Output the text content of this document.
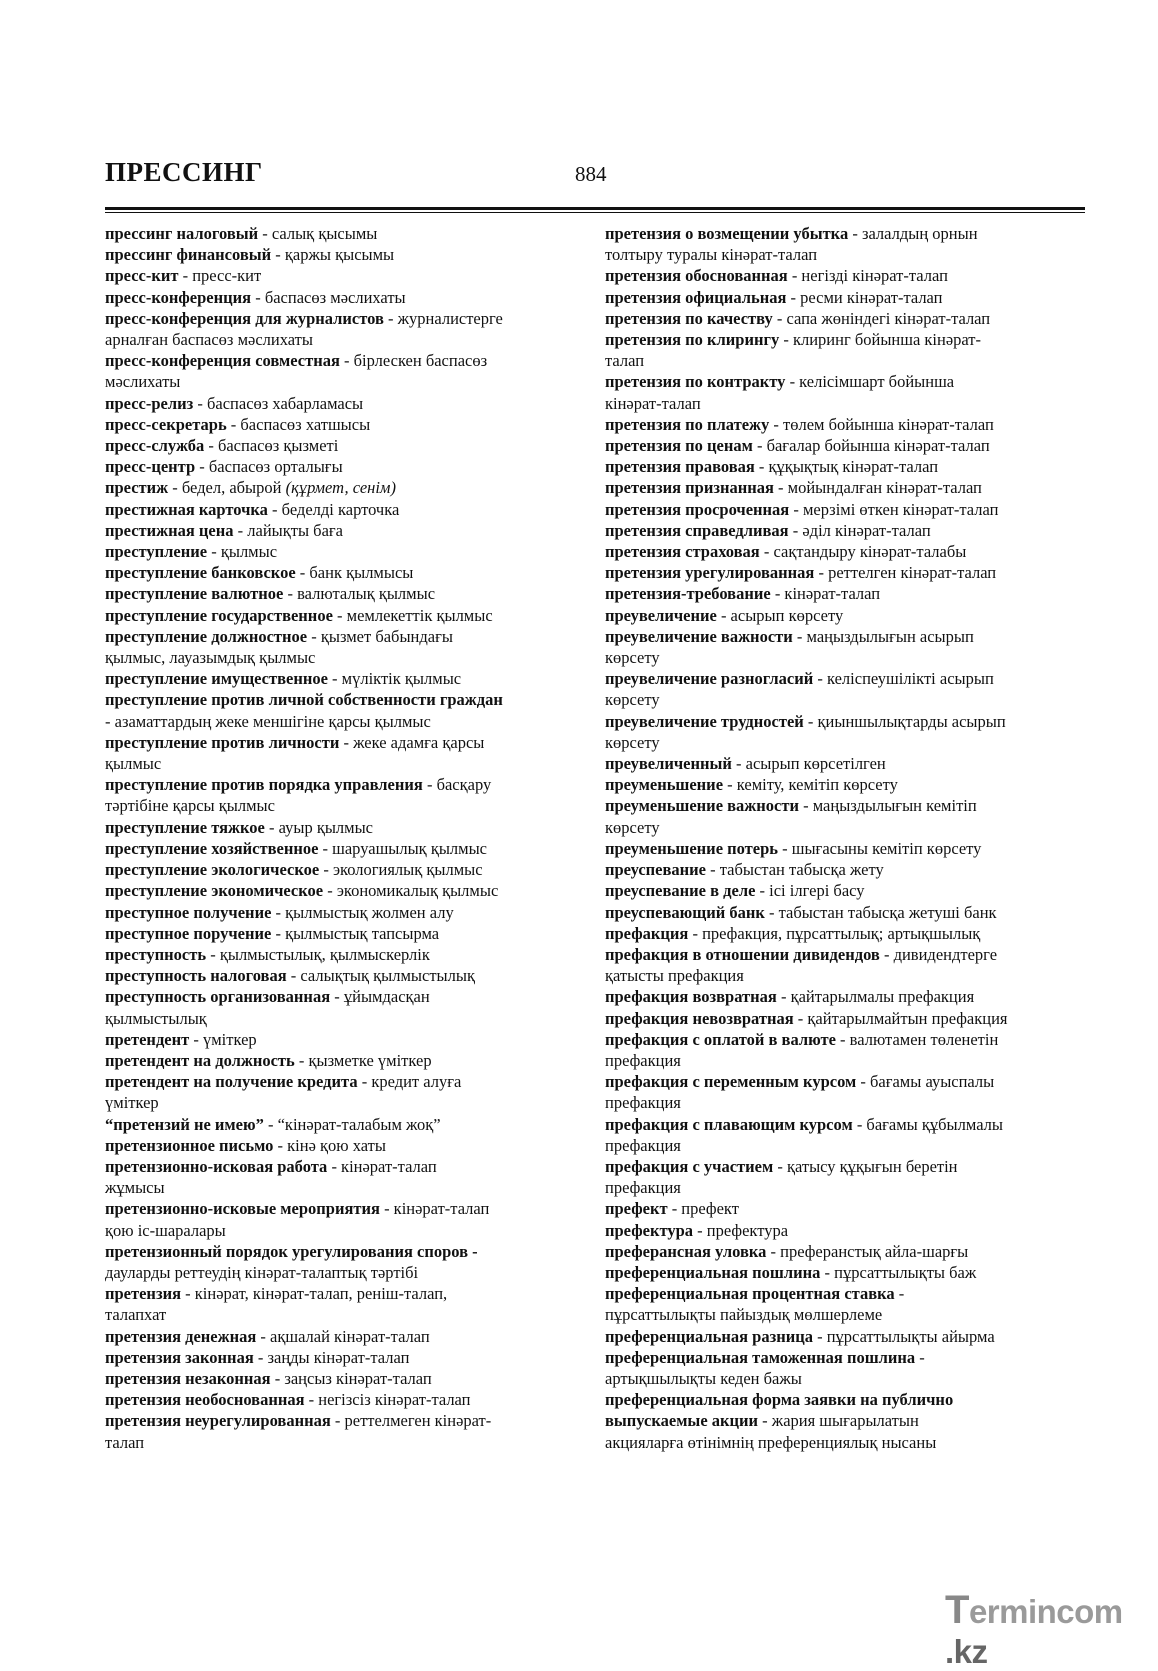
ПРЕССИНГ	884
прессинг налоговый - салық қысымы
прессинг финансовый - қаржы қысымы
пресс-кит - пресс-кит
пресс-конференция - баспасөз мәслихаты
пресс-конференция для журналистов - журналистерге
арналған баспасөз мәслихаты
пресс-конференция совместная - бірлескен баспасөз
мәслихаты
пресс-релиз - баспасөз хабарламасы
пресс-секретарь - баспасөз хатшысы
пресс-служба - баспасөз қызметі
пресс-центр - баспасөз орталығы
престиж - бедел, абырой (құрмет, сенім)
престижная карточка - беделді карточка
престижная цена - лайықты баға
преступление - қылмыс
преступление банковское - банк қылмысы
преступление валютное - валюталық қылмыс
преступление государственное - мемлекеттік қылмыс
преступление должностное - қызмет бабындағы
қылмыс, лауазымдық қылмыс
преступление имущественное - мүліктік қылмыс
преступление против личной собственности граждан
- азаматтардың жеке меншігіне қарсы қылмыс
преступление против личности - жеке адамға қарсы
қылмыс
преступление против порядка управления - басқару
тәртібіне қарсы қылмыс
преступление тяжкое - ауыр қылмыс
преступление хозяйственное - шаруашылық қылмыс
преступление экологическое - экологиялық қылмыс
преступление экономическое - экономикалық қылмыс
преступное получение - қылмыстық жолмен алу
преступное поручение - қылмыстық тапсырма
преступность - қылмыстылық, қылмыскерлік
преступность налоговая - салықтық қылмыстылық
преступность организованная - ұйымдасқан
қылмыстылық
претендент - үміткер
претендент на должность - қызметке үміткер
претендент на получение кредита - кредит алуға
үміткер
“претензий не имею” - “кінәрат-талабым жоқ”
претензионное письмо - кінә қою хаты
претензионно-исковая работа - кінәрат-талап
жұмысы
претензионно-исковые мероприятия - кінәрат-талап
қою іс-шаралары
претензионный порядок урегулирования споров -
дауларды реттеудің кінәрат-талаптық тәртібі
претензия - кінәрат, кінәрат-талап, реніш-талап,
талапхат
претензия денежная - ақшалай кінәрат-талап
претензия законная - заңды кінәрат-талап
претензия незаконная - заңсыз кінәрат-талап
претензия необоснованная - негізсіз кінәрат-талап
претензия неурегулированная - реттелмеген кінәрат-
талап
претензия о возмещении убытка - залалдың орнын
толтыру туралы кінәрат-талап
претензия обоснованная - негізді кінәрат-талап
претензия официальная - ресми кінәрат-талап
претензия по качеству - сапа жөніндегі кінәрат-талап
претензия по клирингу - клиринг бойынша кінәрат-
талап
претензия по контракту - келісімшарт бойынша
кінәрат-талап
претензия по платежу - төлем бойынша кінәрат-талап
претензия по ценам - бағалар бойынша кінәрат-талап
претензия правовая - құқықтық кінәрат-талап
претензия признанная - мойындалған кінәрат-талап
претензия просроченная - мерзімі өткен кінәрат-талап
претензия справедливая - әділ кінәрат-талап
претензия страховая - сақтандыру кінәрат-талабы
претензия урегулированная - реттелген кінәрат-талап
претензия-требование - кінәрат-талап
преувеличение - асырып көрсету
преувеличение важности - маңыздылығын асырып
көрсету
преувеличение разногласий - келіспеушілікті асырып
көрсету
преувеличение трудностей - қиыншылықтарды асырып
көрсету
преувеличенный - асырып көрсетілген
преуменьшение - кеміту, кемітіп көрсету
преуменьшение важности - маңыздылығын кемітіп
көрсету
преуменьшение потерь - шығасыны кемітіп көрсету
преуспевание - табыстан табысқа жету
преуспевание в деле - ісі ілгері басу
преуспевающий банк - табыстан табысқа жетуші банк
префакция - префакция, пұрсаттылық; артықшылық
префакция в отношении дивидендов - дивидендтерге
қатысты префакция
префакция возвратная - қайтарылмалы префакция
префакция невозвратная - қайтарылмайтын префакция
префакция с оплатой в валюте - валютамен төленетін
префакция
префакция с переменным курсом - бағамы ауыспалы
префакция
префакция с плавающим курсом - бағамы құбылмалы
префакция
префакция с участием - қатысу құқығын беретін
префакция
префект - префект
префектура - префектура
преферансная уловка - преферанстық айла-шарғы
преференциальная пошлина - пұрсаттылықты баж
преференциальная процентная ставка -
пұрсаттылықты пайыздық мөлшерлеме
преференциальная разница - пұрсаттылықты айырма
преференциальная таможенная пошлина -
артықшылықты кеден бажы
преференциальная форма заявки на публично
выпускаемые акции - жария шығарылатын
акцияларға өтінімнің преференциялық нысаны
Termincom.kz
